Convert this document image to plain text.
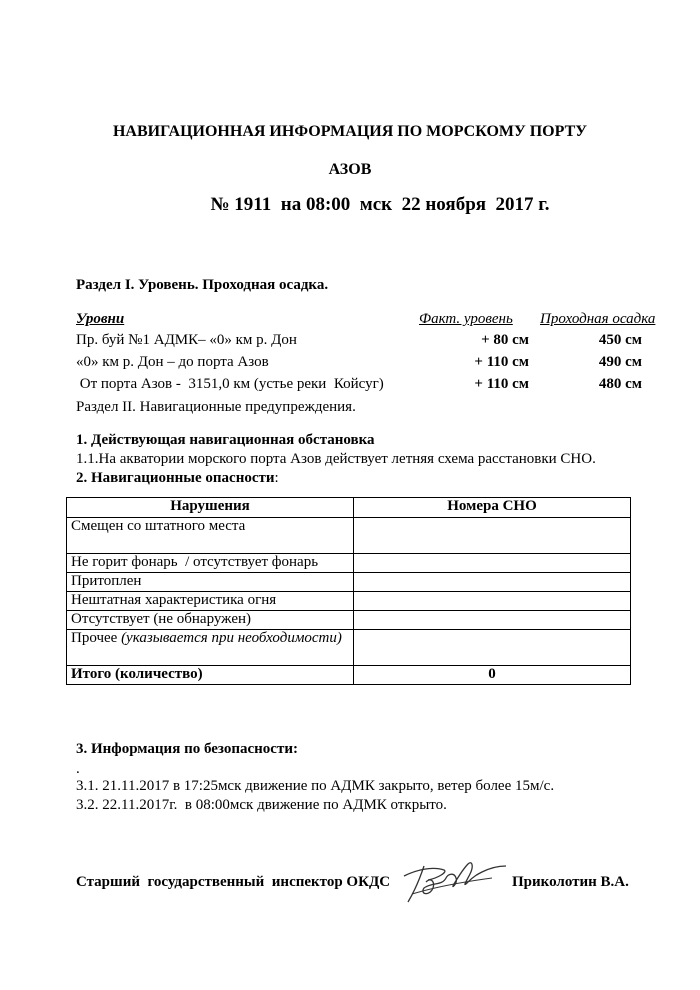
НАВИГАЦИОННАЯ ИНФОРМАЦИЯ ПО МОРСКОМУ ПОРТУ
АЗОВ
№ 1911  на 08:00  мск  22 ноября  2017 г.
Раздел I. Уровень. Проходная осадка.
Уровни	Факт. уровень Проходная осадка
Пр. буй №1 АДМК– «0» км р. Дон	+ 80 см	450 см
«0» км р. Дон – до порта Азов	+ 110 см	490 см
От порта Азов -  3151,0 км (устье реки  Койсуг)	+ 110 см	480 см
Раздел II. Навигационные предупреждения.
1. Действующая навигационная обстановка
1.1.На акватории морского порта Азов действует летняя схема расстановки СНО.
2. Навигационные опасности:
Нарушения	Номера СНО
Смещен со штатного места	
Не горит фонарь  / отсутствует фонарь	
Притоплен	
Нештатная характеристика огня	
Отсутствует (не обнаружен)	
Прочее (указывается при необходимости)	
Итого (количество)	0
3. Информация по безопасности:
.
3.1. 21.11.2017 в 17:25мск движение по АДМК закрыто, ветер более 15м/с.
3.2. 22.11.2017г.  в 08:00мск движение по АДМК открыто.
Старший  государственный  инспектор ОКДС	Приколотин В.А.
